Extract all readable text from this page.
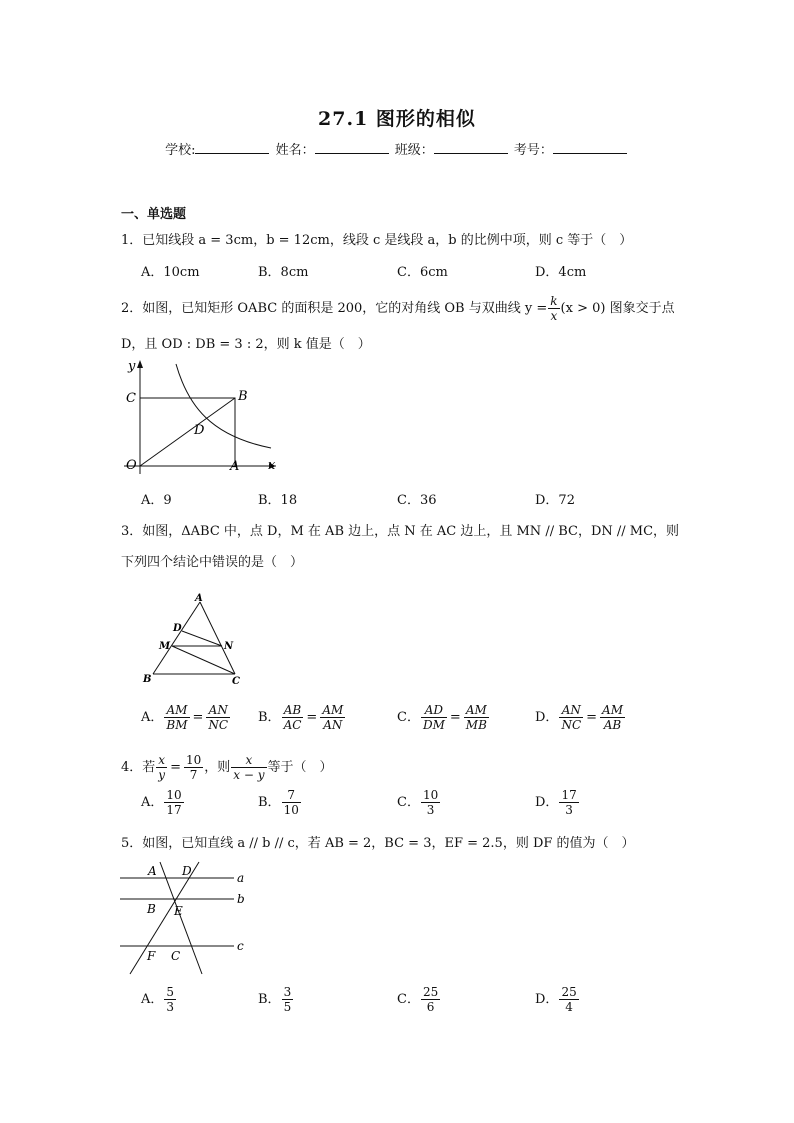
27.1 图形的相似
学校:	姓名：	班级：	考号：
一、单选题
1．已知线段 a = 3cm，b = 12cm，线段 c 是线段 a，b 的比例中项，则 c 等于（　）
A．10cm	B．8cm	C．6cm	D．4cm
2．如图，已知矩形 OABC 的面积是 200，它的对角线 OB 与双曲线 $y = \frac{k}{x} (x > 0)$ 图象交于点
D，且 OD : DB = 3 : 2，则 k 值是（　）
y
x
C	B
D
O	A
A．9	B．18	C．36	D．72
3．如图，ΔABC 中，点 D，M 在 AB 边上，点 N 在 AC 边上，且 MN // BC，DN // MC，则
下列四个结论中错误的是（　）
A
D
M	N
B	C
A． $\frac{AM}{BM} = \frac{AN}{NC}$ B． $\frac{AB}{AC} = \frac{AM}{AN}$	C． $\frac{AD}{DM} = \frac{AM}{MB}$	D． $\frac{AN}{NC} = \frac{AM}{AB}$
4．若 $\frac{x}{y} = \frac{10}{7}$ ，则 $\frac{x}{x - y}$ 等于（　）
A． $\frac{10}{17}$	B． $\frac{7}{10}$	C． $\frac{10}{3}$	D． $\frac{17}{3}$
5．如图，已知直线 a // b // c，若 AB = 2，BC = 3，EF = 2.5，则 DF 的值为（　）
A D	a
b
B E
c
F C
A． $\frac{5}{3}$	B． $\frac{3}{5}$	C． $\frac{25}{6}$	D． $\frac{25}{4}$
